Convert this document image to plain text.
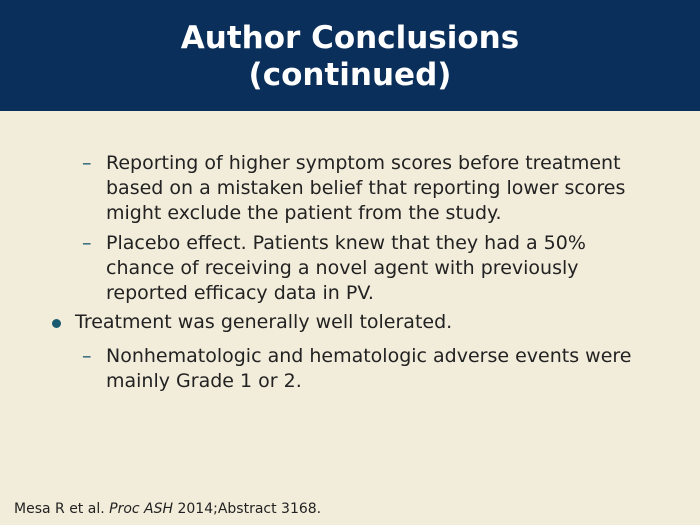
Author Conclusions
(continued)
– Reporting of higher symptom scores before treatment based on a mistaken belief that reporting lower scores might exclude the patient from the study.
– Placebo effect. Patients knew that they had a 50% chance of receiving a novel agent with previously reported efficacy data in PV.
Treatment was generally well tolerated.
– Nonhematologic and hematologic adverse events were mainly Grade 1 or 2.
Mesa R et al. Proc ASH 2014;Abstract 3168.
